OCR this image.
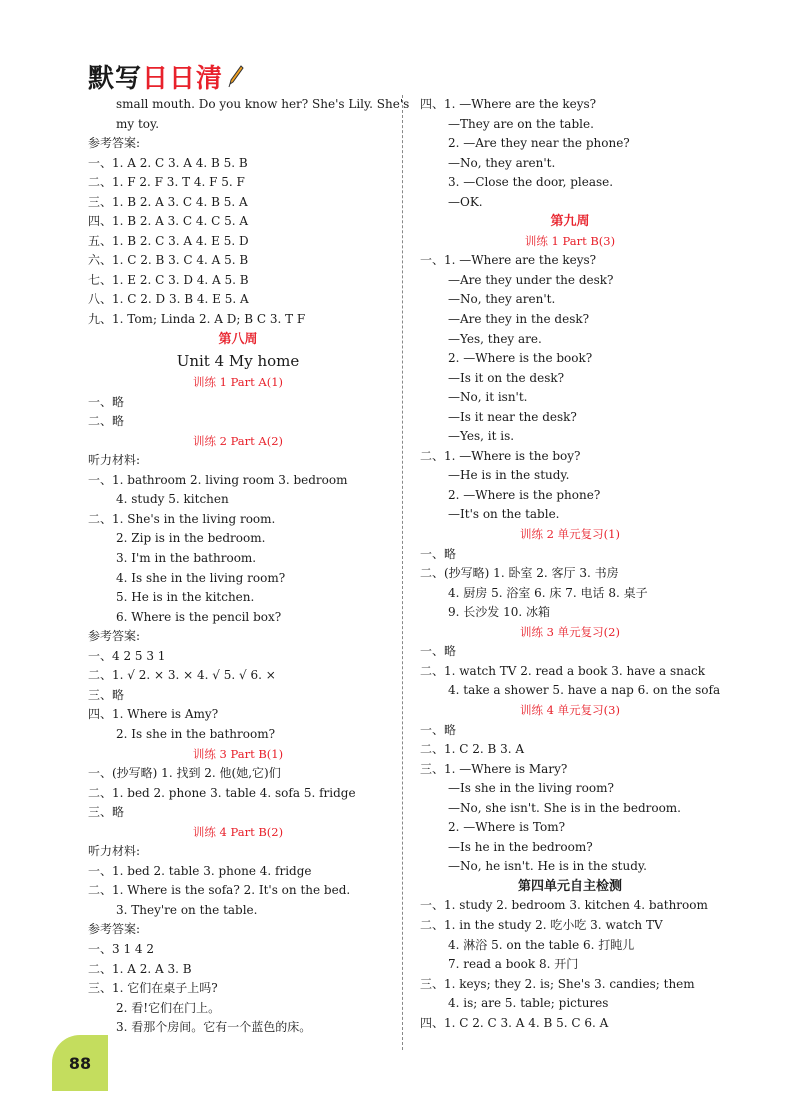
默写 日日清
small mouth. Do you know her? She's Lily. She's
my toy.
参考答案:
一、1. A 2. C 3. A 4. B 5. B
二、1. F 2. F 3. T 4. F 5. F
三、1. B 2. A 3. C 4. B 5. A
四、1. B 2. A 3. C 4. C 5. A
五、1. B 2. C 3. A 4. E 5. D
六、1. C 2. B 3. C 4. A 5. B
七、1. E 2. C 3. D 4. A 5. B
八、1. C 2. D 3. B 4. E 5. A
九、1. Tom; Linda 2. A D; B C 3. T F
第八周
Unit 4 My home
训练 1 Part A(1)
一、略
二、略
训练 2 Part A(2)
听力材料:
一、1. bathroom 2. living room 3. bedroom
4. study 5. kitchen
二、1. She's in the living room.
2. Zip is in the bedroom.
3. I'm in the bathroom.
4. Is she in the living room?
5. He is in the kitchen.
6. Where is the pencil box?
参考答案:
一、4 2 5 3 1
二、1. √ 2. × 3. × 4. √ 5. √ 6. ×
三、略
四、1. Where is Amy?
2. Is she in the bathroom?
训练 3 Part B(1)
一、(抄写略) 1. 找到 2. 他(她,它)们
二、1. bed 2. phone 3. table 4. sofa 5. fridge
三、略
训练 4 Part B(2)
听力材料:
一、1. bed 2. table 3. phone 4. fridge
二、1. Where is the sofa? 2. It's on the bed.
3. They're on the table.
参考答案:
一、3 1 4 2
二、1. A 2. A 3. B
三、1. 它们在桌子上吗?
2. 看!它们在门上。
3. 看那个房间。它有一个蓝色的床。
四、1. —Where are the keys?
—They are on the table.
2. —Are they near the phone?
—No, they aren't.
3. —Close the door, please.
—OK.
第九周
训练 1 Part B(3)
一、1. —Where are the keys?
—Are they under the desk?
—No, they aren't.
—Are they in the desk?
—Yes, they are.
2. —Where is the book?
—Is it on the desk?
—No, it isn't.
—Is it near the desk?
—Yes, it is.
二、1. —Where is the boy?
—He is in the study.
2. —Where is the phone?
—It's on the table.
训练 2 单元复习(1)
一、略
二、(抄写略) 1. 卧室 2. 客厅 3. 书房
4. 厨房 5. 浴室 6. 床 7. 电话 8. 桌子
9. 长沙发 10. 冰箱
训练 3 单元复习(2)
一、略
二、1. watch TV 2. read a book 3. have a snack
4. take a shower 5. have a nap 6. on the sofa
训练 4 单元复习(3)
一、略
二、1. C 2. B 3. A
三、1. —Where is Mary?
—Is she in the living room?
—No, she isn't. She is in the bedroom.
2. —Where is Tom?
—Is he in the bedroom?
—No, he isn't. He is in the study.
第四单元自主检测
一、1. study 2. bedroom 3. kitchen 4. bathroom
二、1. in the study 2. 吃小吃 3. watch TV
4. 淋浴 5. on the table 6. 打盹儿
7. read a book 8. 开门
三、1. keys; they 2. is; She's 3. candies; them
4. is; are 5. table; pictures
四、1. C 2. C 3. A 4. B 5. C 6. A
88
